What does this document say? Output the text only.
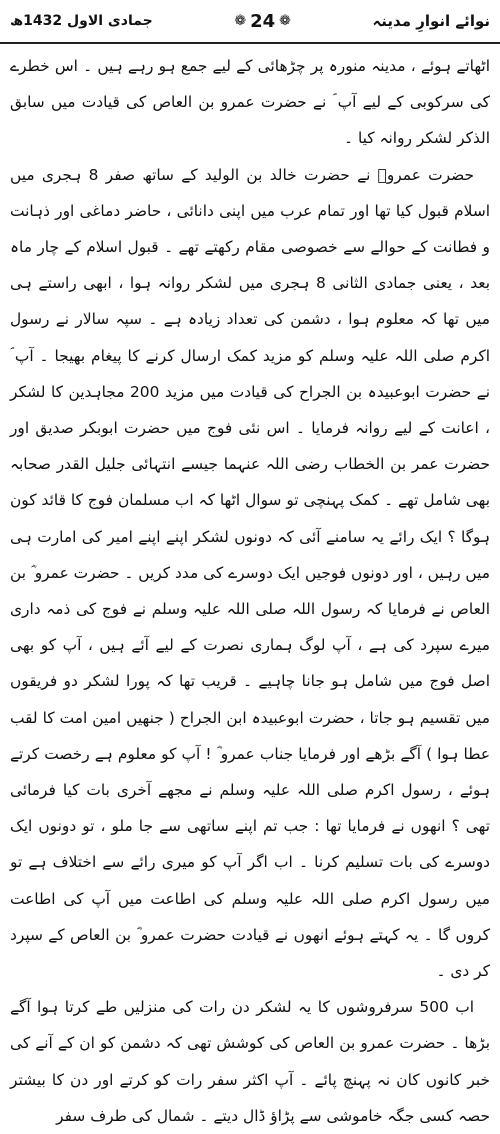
نوائے انوارِ مدینہ
❁
24
❁
جمادی الاول 1432ھ

اٹھاتے ہوئے ، مدینہ منورہ پر چڑھائی کے لیے جمع ہو رہے ہیں ۔ اس خطرے کی سرکوبی کے لیے آپ ؐ نے حضرت عمرو بن العاص کی قیادت میں سابق الذکر لشکر روانہ کیا ۔

حضرت عمروؓ نے حضرت خالد بن الولید کے ساتھ صفر 8 ہجری میں اسلام قبول کیا تھا اور تمام عرب میں اپنی دانائی ، حاضر دماغی اور ذہانت و فطانت کے حوالے سے خصوصی مقام رکھتے تھے ۔ قبول اسلام کے چار ماہ بعد ، یعنی جمادی الثانی 8 ہجری میں لشکر روانہ ہوا ، ابھی راستے ہی میں تھا کہ معلوم ہوا ، دشمن کی تعداد زیادہ ہے ۔ سپہ سالار نے رسول اکرم صلی اللہ علیہ وسلم کو مزید کمک ارسال کرنے کا پیغام بھیجا ۔ آپ ؐ نے حضرت ابوعبیدہ بن الجراح کی قیادت میں مزید 200 مجاہدین کا لشکر ، اعانت کے لیے روانہ فرمایا ۔ اس نئی فوج میں حضرت ابوبکر صدیق اور حضرت عمر بن الخطاب رضی اللہ عنہما جیسے انتہائی جلیل القدر صحابہ بھی شامل تھے ۔ کمک پہنچی تو سوال اٹھا کہ اب مسلمان فوج کا قائد کون ہوگا ؟ ایک رائے یہ سامنے آئی کہ دونوں لشکر اپنے اپنے امیر کی امارت ہی میں رہیں ، اور دونوں فوجیں ایک دوسرے کی مدد کریں ۔ حضرت عمرو ؓ بن العاص نے فرمایا کہ رسول اللہ صلی اللہ علیہ وسلم نے فوج کی ذمہ داری میرے سپرد کی ہے ، آپ لوگ ہماری نصرت کے لیے آئے ہیں ، آپ کو بھی اصل فوج میں شامل ہو جانا چاہیے ۔ قریب تھا کہ پورا لشکر دو فریقوں میں تقسیم ہو جاتا ، حضرت ابوعبیدہ ابن الجراح ( جنھیں امین امت کا لقب عطا ہوا ) آگے بڑھے اور فرمایا جناب عمرو ؓ ! آپ کو معلوم ہے رخصت کرتے ہوئے ، رسول اکرم صلی اللہ علیہ وسلم نے مجھے آخری بات کیا فرمائی تھی ؟ انھوں نے فرمایا تھا : جب تم اپنے ساتھی سے جا ملو ، تو دونوں ایک دوسرے کی بات تسلیم کرنا ۔ اب اگر آپ کو میری رائے سے اختلاف ہے تو میں رسول اکرم صلی اللہ علیہ وسلم کی اطاعت میں آپ کی اطاعت کروں گا ۔ یہ کہتے ہوئے انھوں نے قیادت حضرت عمرو ؓ بن العاص کے سپرد کر دی ۔

اب 500 سرفروشوں کا یہ لشکر دن رات کی منزلیں طے کرتا ہوا آگے بڑھا ۔ حضرت عمرو بن العاص کی کوشش تھی کہ دشمن کو ان کے آنے کی خبر کانوں کان نہ پہنچ پائے ۔ آپ اکثر سفر رات کو کرتے اور دن کا بیشتر حصہ کسی جگہ خاموشی سے پڑاؤ ڈال دیتے ۔ شمال کی طرف سفر
